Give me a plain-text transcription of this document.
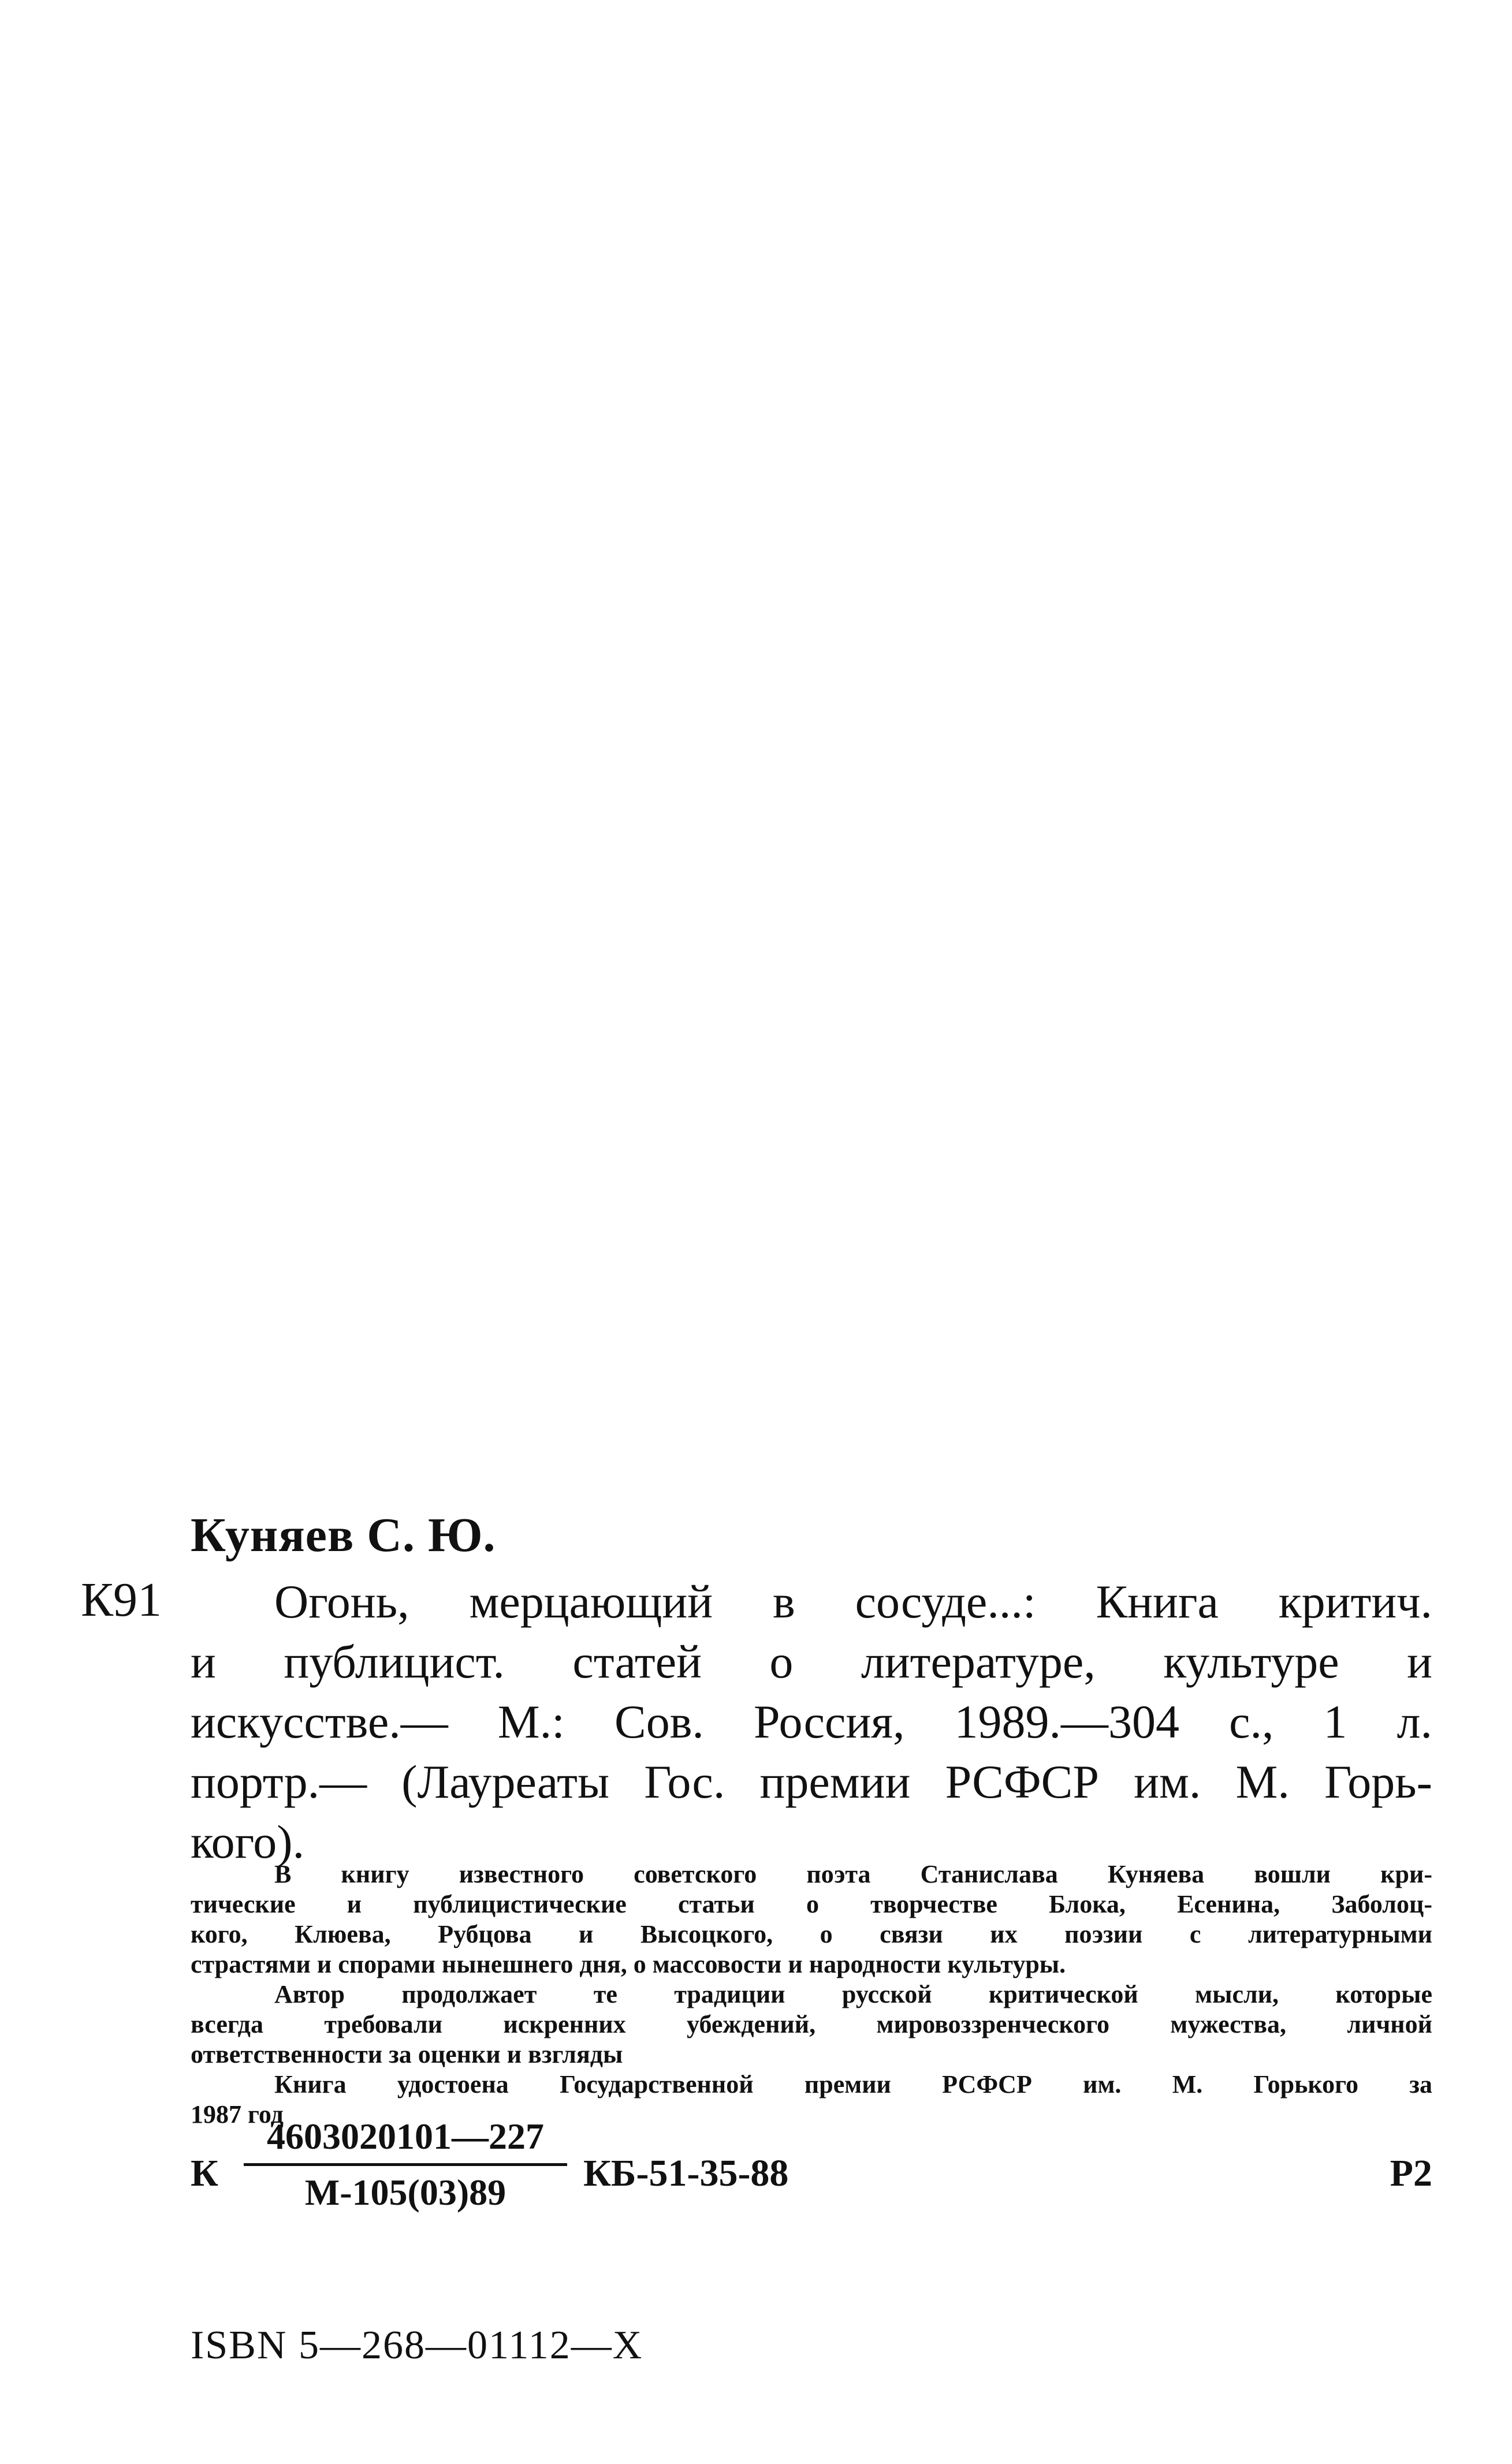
Куняев С. Ю.
К91	Огонь, мерцающий в сосуде...: Книга критич.
и публицист. статей о литературе, культуре и
искусстве.— М.: Сов. Россия, 1989.—304 с., 1 л.
портр.— (Лауреаты Гос. премии РСФСР им. М. Горь-
кого).
В книгу известного советского поэта Станислава Куняева вошли кри-
тические и публицистические статьи о творчестве Блока, Есенина, Заболоц-
кого, Клюева, Рубцова и Высоцкого, о связи их поэзии с литературными
страстями и спорами нынешнего дня, о массовости и народности культуры.
Автор продолжает те традиции русской критической мысли, которые
всегда требовали искренних убеждений, мировоззренческого мужества, личной
ответственности за оценки и взгляды
Книга удостоена Государственной премии РСФСР им. М. Горького за
1987 год
К
4603020101—227
М-105(03)89	КБ-51-35-88	Р2
ISBN 5—268—01112—Х
